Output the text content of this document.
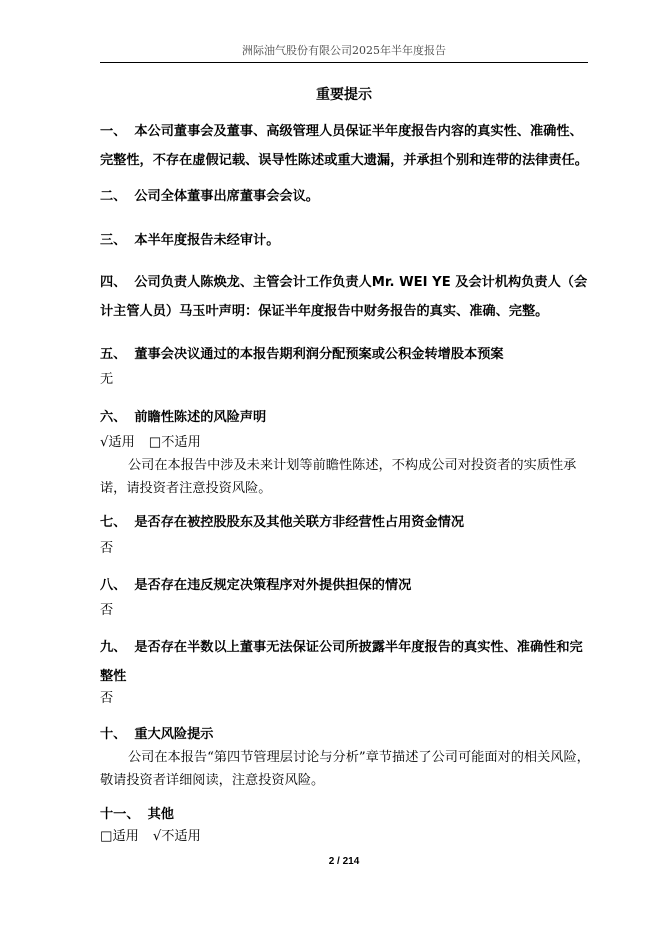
洲际油气股份有限公司2025年半年度报告
重要提示
一、 本公司董事会及董事、高级管理人员保证半年度报告内容的真实性、准确性、完整性，不存在虚假记载、误导性陈述或重大遗漏，并承担个别和连带的法律责任。
二、 公司全体董事出席董事会会议。
三、 本半年度报告未经审计。
四、 公司负责人陈焕龙、主管会计工作负责人Mr. WEI YE 及会计机构负责人（会计主管人员）马玉叶声明：保证半年度报告中财务报告的真实、准确、完整。
五、 董事会决议通过的本报告期利润分配预案或公积金转增股本预案
无
六、 前瞻性陈述的风险声明
√适用 □不适用
公司在本报告中涉及未来计划等前瞻性陈述，不构成公司对投资者的实质性承诺，请投资者注意投资风险。
七、 是否存在被控股股东及其他关联方非经营性占用资金情况
否
八、 是否存在违反规定决策程序对外提供担保的情况
否
九、 是否存在半数以上董事无法保证公司所披露半年度报告的真实性、准确性和完整性
否
十、 重大风险提示
公司在本报告“第四节管理层讨论与分析”章节描述了公司可能面对的相关风险，敬请投资者详细阅读，注意投资风险。
十一、 其他
□适用 √不适用
2 / 214
